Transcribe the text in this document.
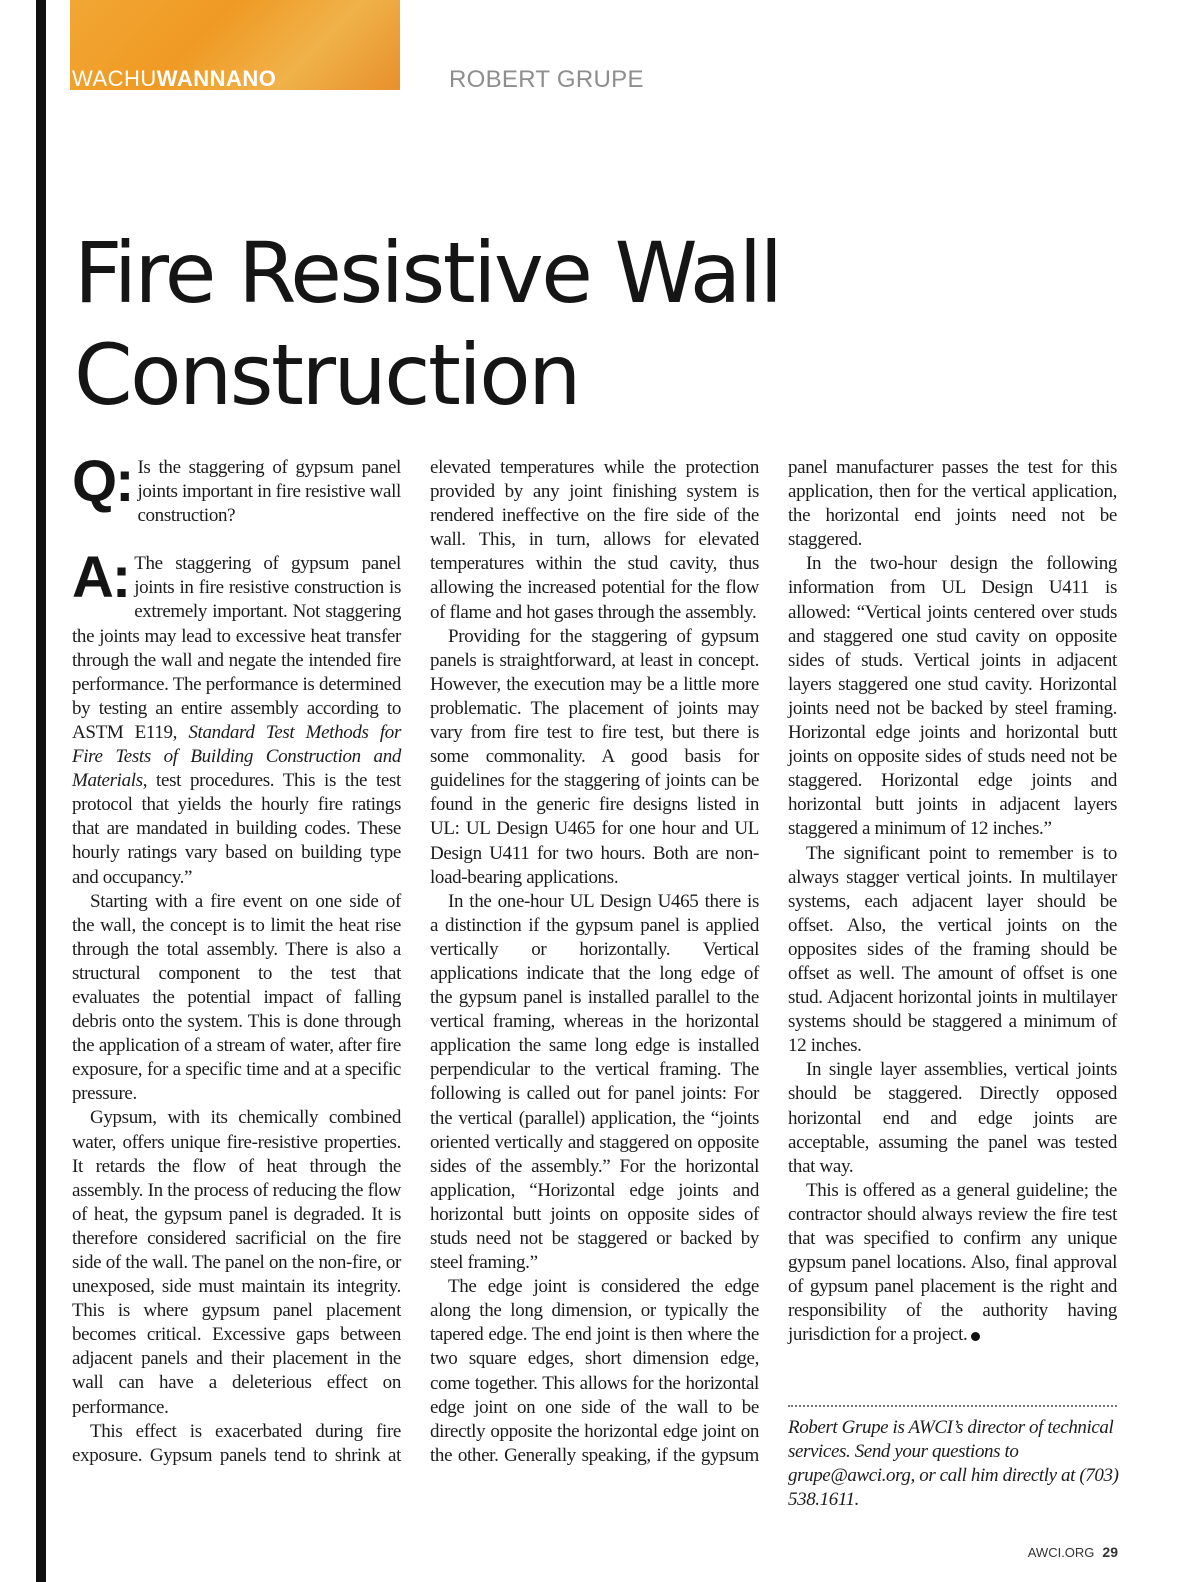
WACHUWANNANO	ROBERT GRUPE
Fire Resistive Wall
Construction

Q: Is the staggering of gypsum panel joints important in fire resistive wall construction?

A: The staggering of gypsum panel joints in fire resistive construction is extremely important. Not staggering the joints may lead to excessive heat transfer through the wall and negate the intended fire performance. The performance is determined by testing an entire assembly according to ASTM E119, Standard Test Methods for Fire Tests of Building Construction and Materials, test procedures. This is the test protocol that yields the hourly fire ratings that are mandated in building codes. These hourly ratings vary based on building type and occupancy.”

Starting with a fire event on one side of the wall, the concept is to limit the heat rise through the total assembly. There is also a structural component to the test that evaluates the potential impact of falling debris onto the system. This is done through the application of a stream of water, after fire exposure, for a specific time and at a specific pressure.

Gypsum, with its chemically combined water, offers unique fire-resistive properties. It retards the flow of heat through the assembly. In the process of reducing the flow of heat, the gypsum panel is degraded. It is therefore considered sacrificial on the fire side of the wall. The panel on the non-fire, or unexposed, side must maintain its integrity. This is where gypsum panel placement becomes critical. Excessive gaps between adjacent panels and their placement in the wall can have a deleterious effect on performance.

This effect is exacerbated during fire exposure. Gypsum panels tend to shrink at

elevated temperatures while the protection provided by any joint finishing system is rendered ineffective on the fire side of the wall. This, in turn, allows for elevated temperatures within the stud cavity, thus allowing the increased potential for the flow of flame and hot gases through the assembly.

Providing for the staggering of gypsum panels is straightforward, at least in concept. However, the execution may be a little more problematic. The placement of joints may vary from fire test to fire test, but there is some commonality. A good basis for guidelines for the staggering of joints can be found in the generic fire designs listed in UL: UL Design U465 for one hour and UL Design U411 for two hours. Both are non-load-bearing applications.

In the one-hour UL Design U465 there is a distinction if the gypsum panel is applied vertically or horizontally. Vertical applications indicate that the long edge of the gypsum panel is installed parallel to the vertical framing, whereas in the horizontal application the same long edge is installed perpendicular to the vertical framing. The following is called out for panel joints: For the vertical (parallel) application, the “joints oriented vertically and staggered on opposite sides of the assembly.” For the horizontal application, “Horizontal edge joints and horizontal butt joints on opposite sides of studs need not be staggered or backed by steel framing.”

The edge joint is considered the edge along the long dimension, or typically the tapered edge. The end joint is then where the two square edges, short dimension edge, come together. This allows for the horizontal edge joint on one side of the wall to be directly opposite the horizontal edge joint on the other. Generally speaking, if the gypsum

panel manufacturer passes the test for this application, then for the vertical application, the horizontal end joints need not be staggered.

In the two-hour design the following information from UL Design U411 is allowed: “Vertical joints centered over studs and staggered one stud cavity on opposite sides of studs. Vertical joints in adjacent layers staggered one stud cavity. Horizontal joints need not be backed by steel framing. Horizontal edge joints and horizontal butt joints on opposite sides of studs need not be staggered. Horizontal edge joints and horizontal butt joints in adjacent layers staggered a minimum of 12 inches.”

The significant point to remember is to always stagger vertical joints. In multilayer systems, each adjacent layer should be offset. Also, the vertical joints on the opposites sides of the framing should be offset as well. The amount of offset is one stud. Adjacent horizontal joints in multilayer systems should be staggered a minimum of 12 inches.

In single layer assemblies, vertical joints should be staggered. Directly opposed horizontal end and edge joints are acceptable, assuming the panel was tested that way.

This is offered as a general guideline; the contractor should always review the fire test that was specified to confirm any unique gypsum panel locations. Also, final approval of gypsum panel placement is the right and responsibility of the authority having jurisdiction for a project.

Robert Grupe is AWCI’s director of technical services. Send your questions to grupe@awci.org, or call him directly at (703) 538.1611.

AWCI.ORG 29
